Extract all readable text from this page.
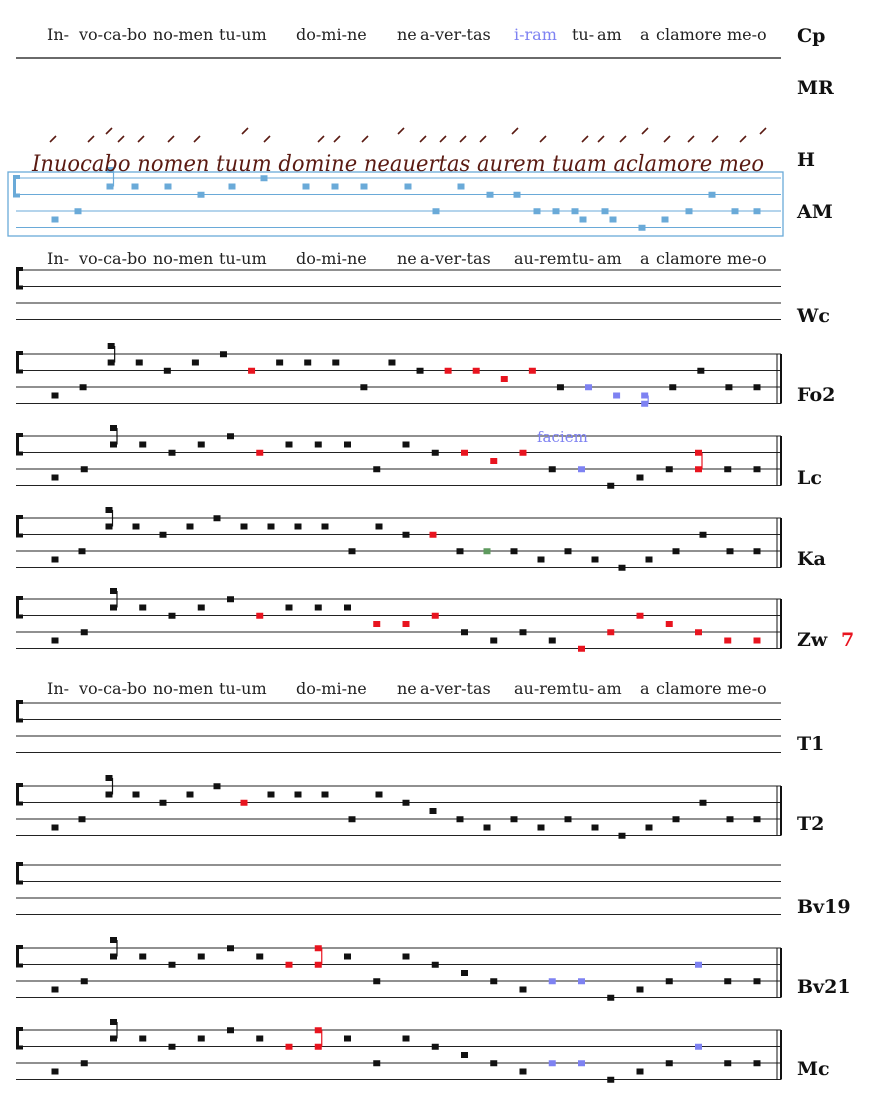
In- vo-ca-bo no-men tu-um do-mi-ne ne a-ver-tas i-ram tu- am a clamore me-o
In- vo-ca-bo no-men tu-um do-mi-ne ne a-ver-tas au-rem tu- am a clamore me-o
In- vo-ca-bo no-men tu-um do-mi-ne ne a-ver-tas au-rem tu- am a clamore me-o
Inuocabo nomen tuum domine neauertas aurem tuam aclamore meo
faciem
Cp
MR
H
AM
Wc
Fo2
Lc
Ka
Zw 7
T1
T2
Bv19
Bv21
Mc
